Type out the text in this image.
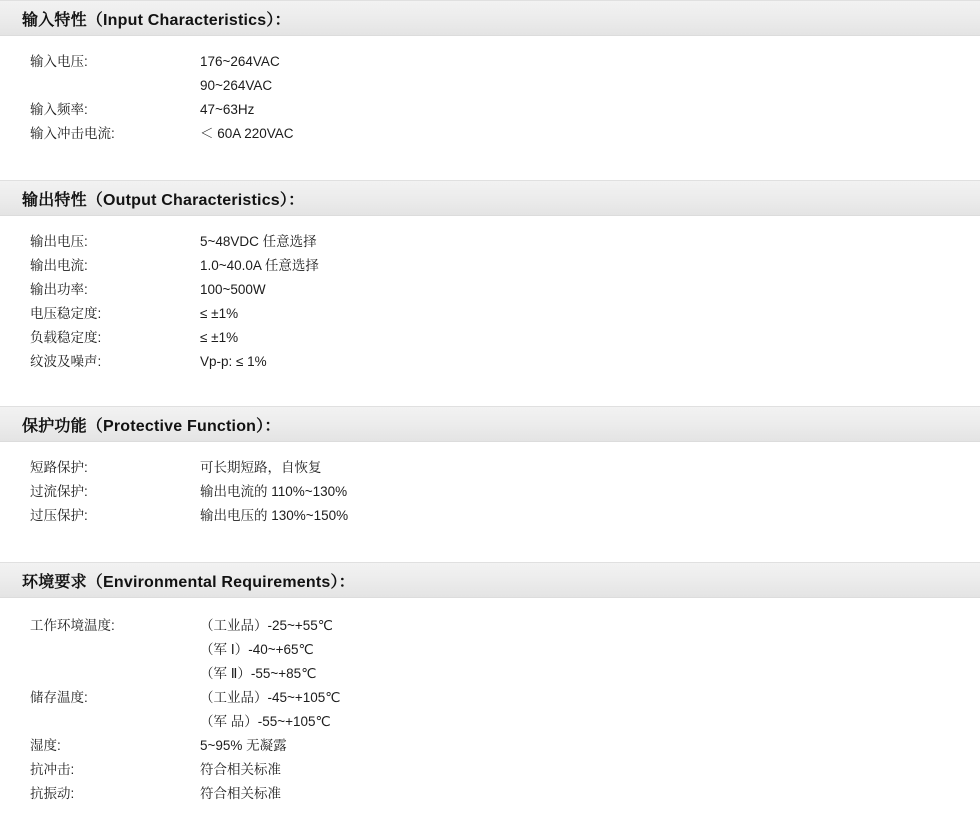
输入特性（Input Characteristics）：
输入电压:	176~264VAC
90~264VAC
输入频率:	47~63Hz
输入冲击电流:	＜ 60A 220VAC
输出特性（Output Characteristics）：
输出电压:	5~48VDC 任意选择
输出电流:	1.0~40.0A 任意选择
输出功率:	100~500W
电压稳定度:	≤ ±1%
负载稳定度:	≤ ±1%
纹波及噪声:	Vp-p: ≤ 1%
保护功能（Protective Function）：
短路保护:	可长期短路，自恢复
过流保护:	输出电流的 110%~130%
过压保护:	输出电压的 130%~150%
环境要求（Environmental Requirements）：
工作环境温度:	（工业品）-25~+55℃
（军 Ⅰ）-40~+65℃
（军 Ⅱ）-55~+85℃
储存温度:	（工业品）-45~+105℃
（军 品）-55~+105℃
湿度:	5~95% 无凝露
抗冲击:	符合相关标准
抗振动:	符合相关标准
